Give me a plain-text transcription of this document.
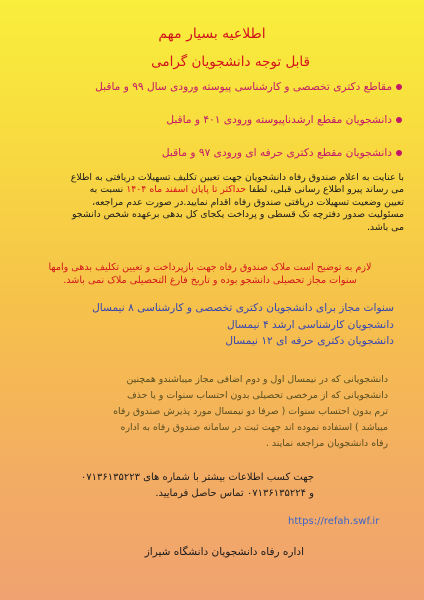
اطلاعیه بسیار مهم
قابل توجه دانشجویان گرامی
مقاطع دکتری تخصصی و کارشناسی پیوسته ورودی سال ۹۹ و ماقبل
دانشجویان مقطع ارشدناپیوسته ورودی ۴۰۱ و ماقبل
دانشجویان مقطع دکتری حرفه ای ورودی ۹۷ و ماقبل
با عنایت به اعلام صندوق رفاه دانشجویان جهت تعیین تکلیف تسهیلات دریافتی به اطلاع
می رساند پیرو اطلاع رسانی قبلی، لطفا حداکثر تا پایان اسفند ماه ۱۴۰۴ نسبت به
تعیین وضعیت تسهیلات دریافتی صندوق رفاه اقدام نمایید.در صورت عدم مراجعه،
مسئولیت صدور دفترچه تک قسطی و پرداخت یکجای کل بدهی برعهده شخص دانشجو
می باشد.
لازم به توضیح است ملاک صندوق رفاه جهت بازپرداخت و تعیین تکلیف بدهی وامها
سنوات مجاز تحصیلی دانشجو بوده و تاریخ فارغ التحصیلی ملاک نمی باشد.
سنوات مجاز برای دانشجویان دکتری تخصصی و کارشناسی ۸ نیمسال
دانشجویان کارشناسی ارشد ۴ نیمسال
دانشجویان دکتری حرفه ای ۱۲ نیمسال
دانشجویانی که در نیمسال اول و دوم اضافی مجاز میباشندو همچنین
دانشجویانی که از مرخصی تحصیلی بدون احتساب سنوات و یا حذف
ترم بدون احتساب سنوات ( صرفا دو نیمسال مورد پذیرش صندوق رفاه
میباشد ) استفاده نموده اند جهت ثبت در سامانه صندوق رفاه به اداره
رفاه دانشجویان مراجعه نمایند .
جهت کسب اطلاعات بیشتر با شماره های ۰۷۱۳۶۱۳۵۲۲۳
و ۰۷۱۳۶۱۳۵۲۲۴ تماس حاصل فرمایید.
https://refah.swf.ir
اداره رفاه دانشجویان دانشگاه شیراز
